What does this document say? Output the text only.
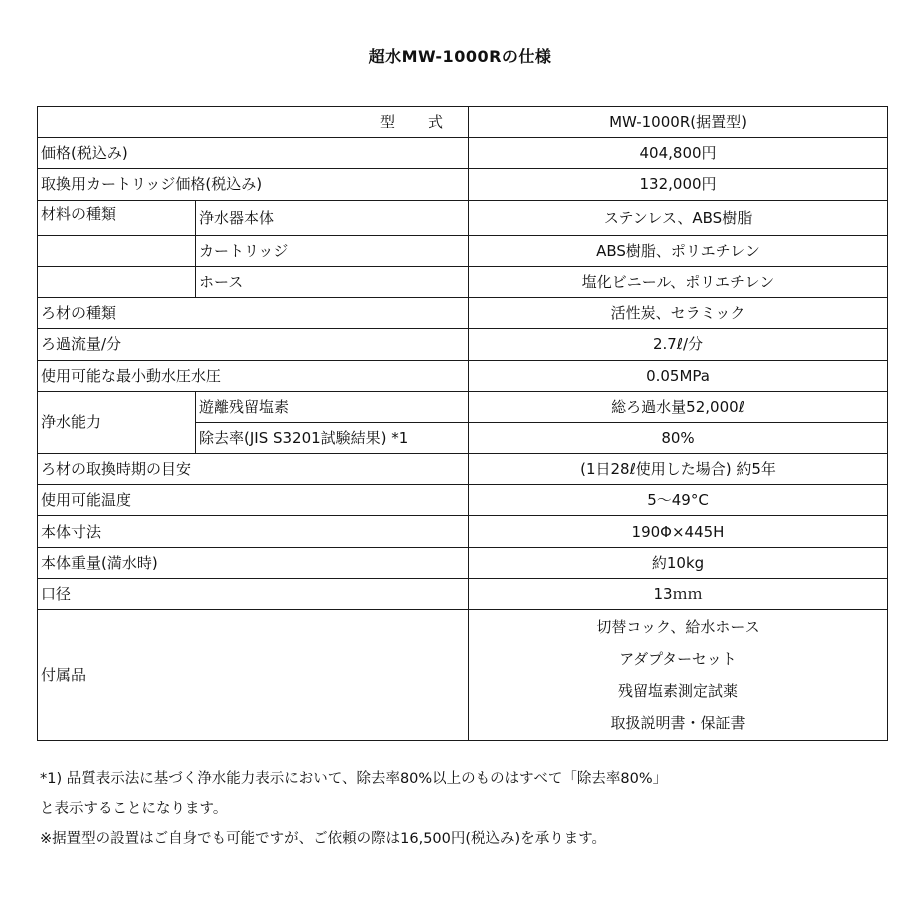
超水MW-1000Rの仕様
型　　式		MW-1000R(据置型)
価格(税込み)		404,800円
取換用カートリッジ価格(税込み)		132,000円
材料の種類	浄水器本体	ステンレス、ABS樹脂
	カートリッジ	ABS樹脂、ポリエチレン
	ホース	塩化ビニール、ポリエチレン
ろ材の種類		活性炭、セラミック
ろ過流量/分		2.7ℓ/分
使用可能な最小動水圧水圧		0.05MPa
浄水能力	遊離残留塩素	総ろ過水量52,000ℓ
	除去率(JIS S3201試験結果) *1	80%
ろ材の取換時期の目安		(1日28ℓ使用した場合) 約5年
使用可能温度		5～49°C
本体寸法		190Φ×445H
本体重量(満水時)		約10kg
口径		13ｍｍ
付属品		切替コック、給水ホース
アダプターセット
残留塩素測定試薬
取扱説明書・保証書
*1) 品質表示法に基づく浄水能力表示において、除去率80%以上のものはすべて「除去率80%」
と表示することになります。
※据置型の設置はご自身でも可能ですが、ご依頼の際は16,500円(税込み)を承ります。
